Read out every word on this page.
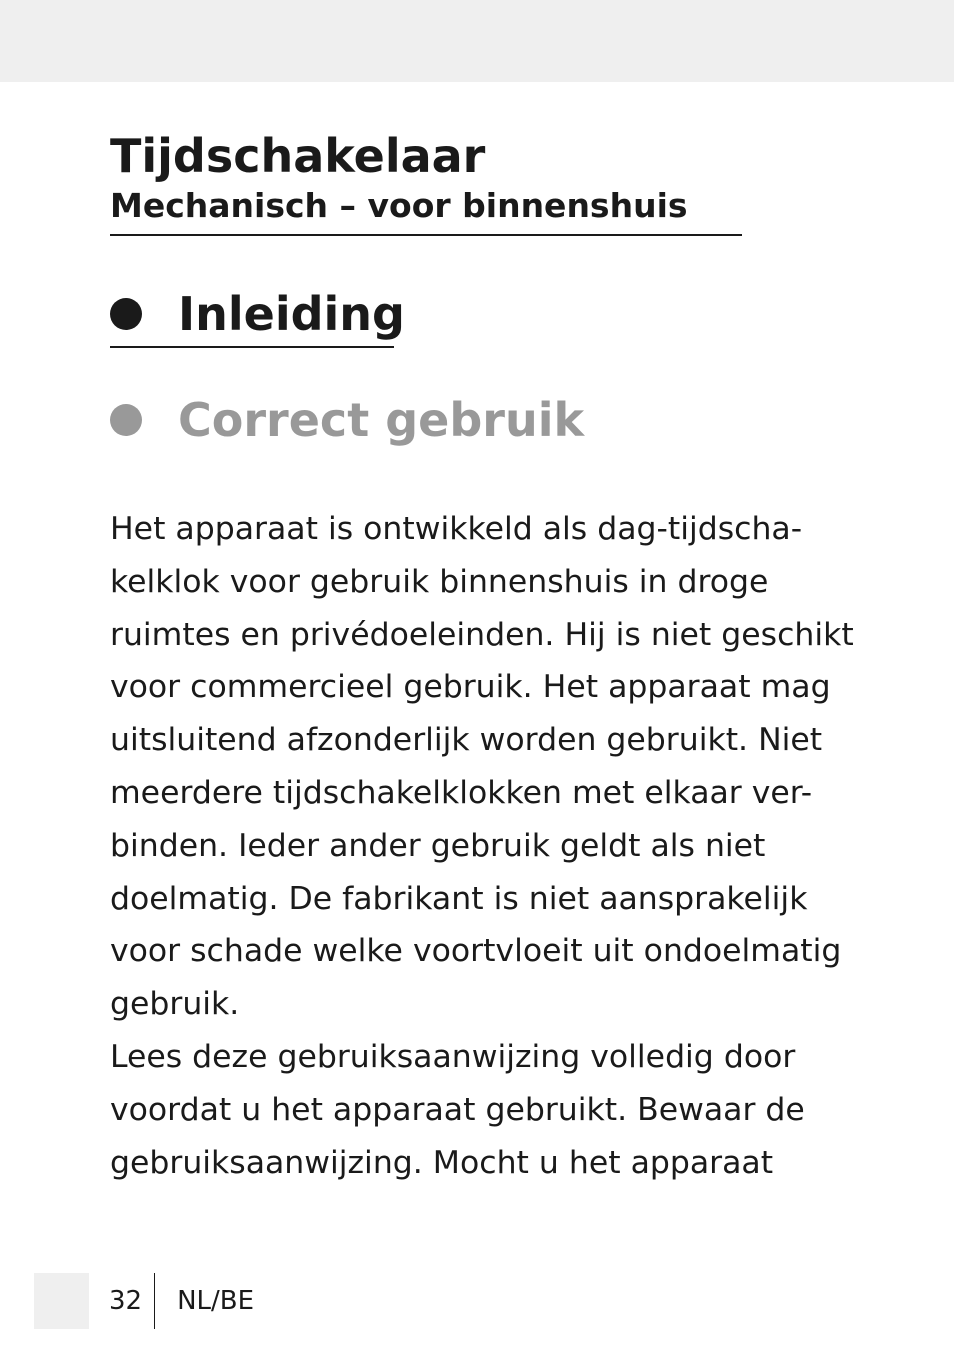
Tijdschakelaar
Mechanisch – voor binnenshuis
Inleiding
Correct gebruik

Het apparaat is ontwikkeld als dag-tijdscha-
kelklok voor gebruik binnenshuis in droge
ruimtes en privédoeleinden. Hij is niet geschikt
voor commercieel gebruik. Het apparaat mag
uitsluitend afzonderlijk worden gebruikt. Niet
meerdere tijdschakelklokken met elkaar ver-
binden. Ieder ander gebruik geldt als niet
doelmatig. De fabrikant is niet aansprakelijk
voor schade welke voortvloeit uit ondoelmatig
gebruik.
Lees deze gebruiksaanwijzing volledig door
voordat u het apparaat gebruikt. Bewaar de
gebruiksaanwijzing. Mocht u het apparaat

32 NL/BE
